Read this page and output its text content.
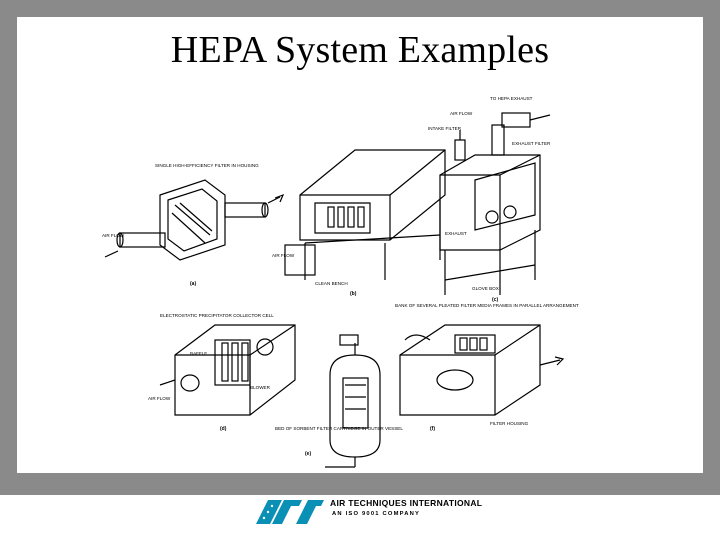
HEPA System Examples
SINGLE HIGH-EFFICIENCY FILTER IN HOUSING
AIR FLOW
(a)
EXHAUST
AIR FLOW
CLEAN BENCH
(b)
TO HEPA EXHAUST
AIR FLOW
INTAKE FILTER
EXHAUST FILTER
GLOVE BOX
(c)
ELECTROSTATIC PRECIPITATOR COLLECTOR CELL
BAFFLE
BLOWER
AIR FLOW
(d)	BED OF SORBENT FILTER CARTRIDGE IN OUTER VESSEL
(e)
BANK OF SEVERAL PLEATED FILTER MEDIA FRAMES IN PARALLEL ARRANGEMENT
FILTER HOUSING
(f)
AIR TECHNIQUES INTERNATIONAL
AN ISO 9001 COMPANY
